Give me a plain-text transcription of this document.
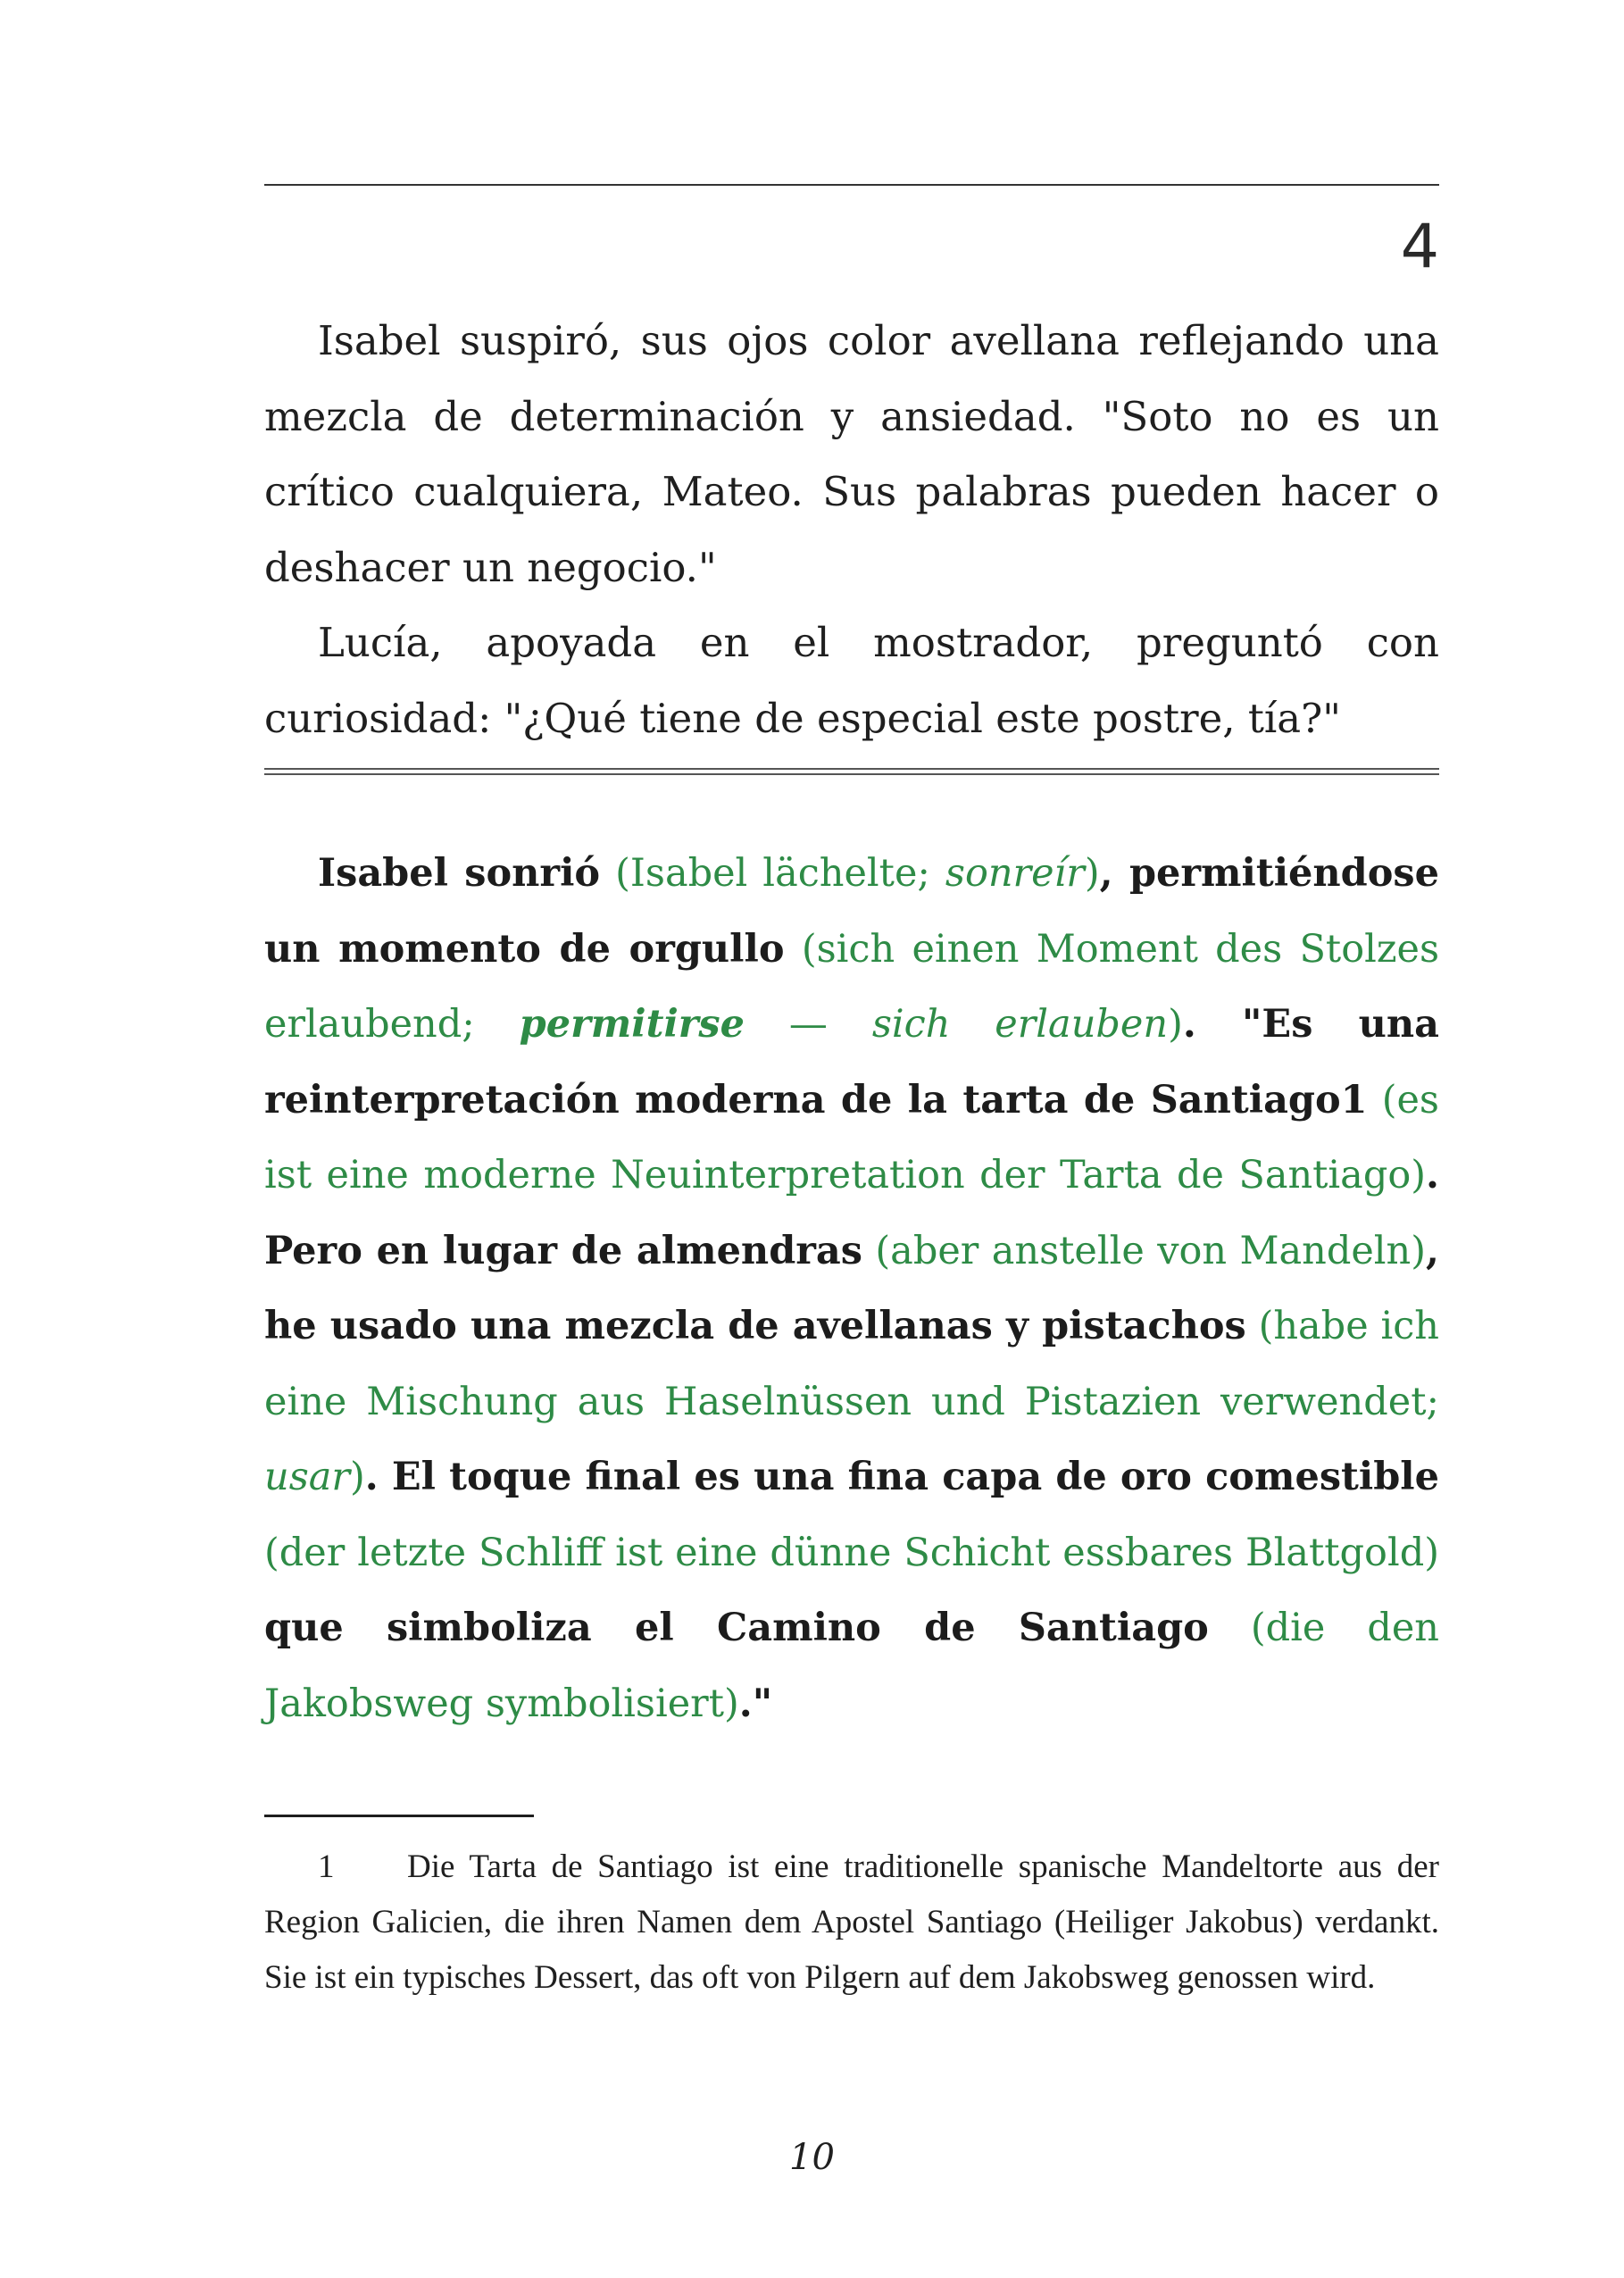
4

Isabel suspiró, sus ojos color avellana reflejando una mezcla de determinación y ansiedad. "Soto no es un crítico cualquiera, Mateo. Sus palabras pueden hacer o deshacer un negocio."

Lucía, apoyada en el mostrador, preguntó con curiosidad: "¿Qué tiene de especial este postre, tía?"

Isabel sonrió (Isabel lächelte; sonreír), permitiéndose un momento de orgullo (sich einen Moment des Stolzes erlaubend; permitirse — sich erlauben). "Es una reinterpretación moderna de la tarta de Santiago1 (es ist eine moderne Neuinterpretation der Tarta de Santiago). Pero en lugar de almendras (aber anstelle von Mandeln), he usado una mezcla de avellanas y pistachos (habe ich eine Mischung aus Haselnüssen und Pistazien verwendet; usar). El toque final es una fina capa de oro comestible (der letzte Schliff ist eine dünne Schicht essbares Blattgold) que simboliza el Camino de Santiago (die den Jakobsweg symbolisiert)."

1 Die Tarta de Santiago ist eine traditionelle spanische Mandeltorte aus der Region Galicien, die ihren Namen dem Apostel Santiago (Heiliger Jakobus) verdankt. Sie ist ein typisches Dessert, das oft von Pilgern auf dem Jakobsweg genossen wird.

10
